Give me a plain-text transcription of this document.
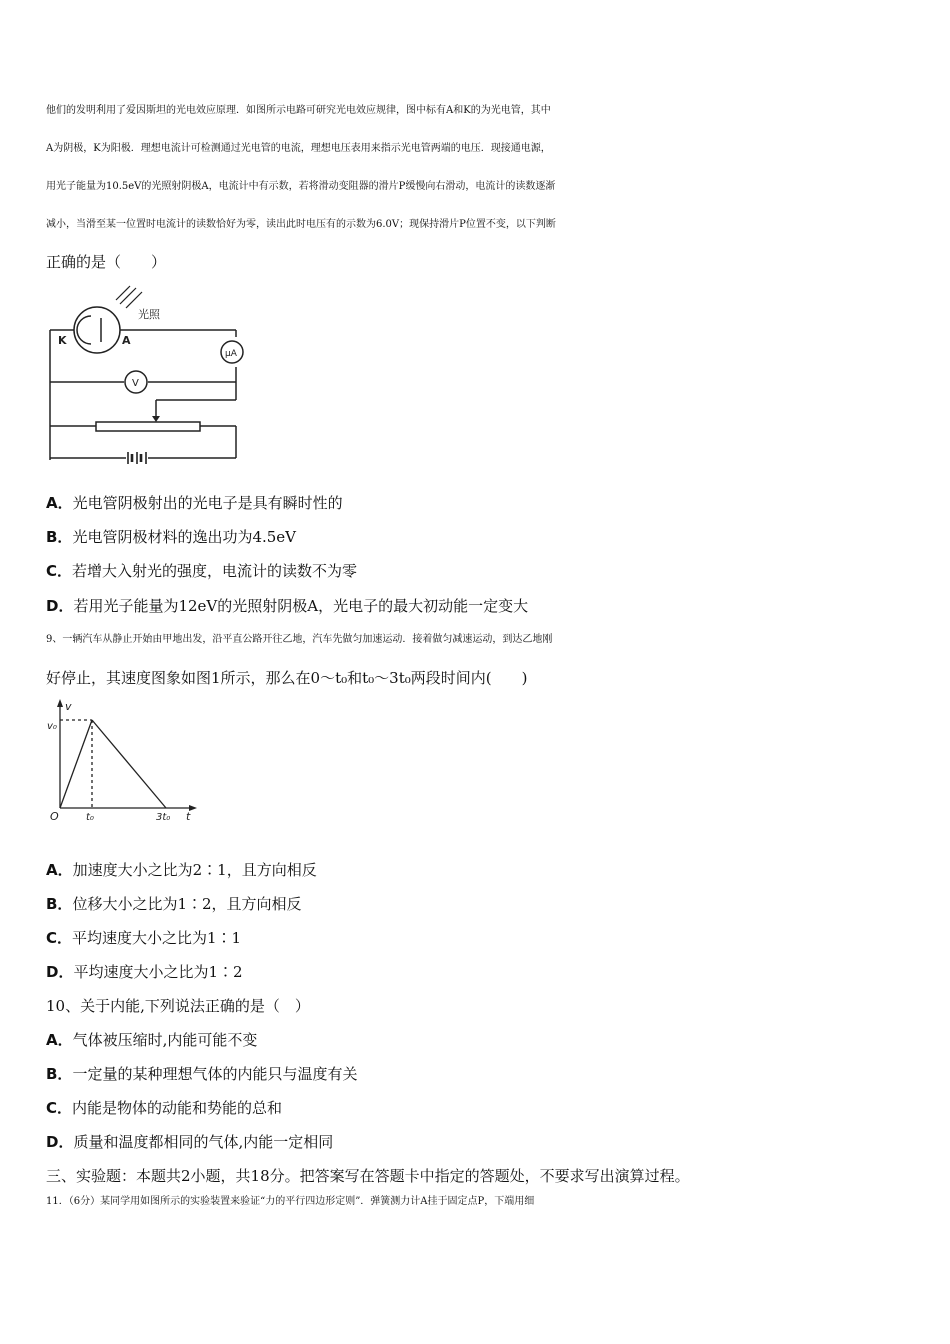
他们的发明利用了爱因斯坦的光电效应原理．如图所示电路可研究光电效应规律，图中标有A和K的为光电管，其中
A为阴极，K为阳极．理想电流计可检测通过光电管的电流，理想电压表用来指示光电管两端的电压．现接通电源，
用光子能量为10.5eV的光照射阴极A，电流计中有示数，若将滑动变阻器的滑片P缓慢向右滑动，电流计的读数逐渐
减小，当滑至某一位置时电流计的读数恰好为零，读出此时电压有的示数为6.0V；现保持滑片P位置不变，以下判断
正确的是（　　）
光照
K	A
μA
V
A．光电管阴极射出的光电子是具有瞬时性的
B．光电管阴极材料的逸出功为4.5eV
C．若增大入射光的强度，电流计的读数不为零
D．若用光子能量为12eV的光照射阴极A，光电子的最大初动能一定变大
9、一辆汽车从静止开始由甲地出发，沿平直公路开往乙地，汽车先做匀加速运动．接着做匀减速运动，到达乙地刚
好停止，其速度图象如图1所示，那么在0～t₀和t₀～3t₀两段时间内(　　)
v
v₀
O	t₀	3t₀ t
A．加速度大小之比为2∶1，且方向相反
B．位移大小之比为1∶2，且方向相反
C．平均速度大小之比为1∶1
D．平均速度大小之比为1∶2
10、关于内能,下列说法正确的是（　）
A．气体被压缩时,内能可能不变
B．一定量的某种理想气体的内能只与温度有关
C．内能是物体的动能和势能的总和
D．质量和温度都相同的气体,内能一定相同
三、实验题：本题共2小题，共18分。把答案写在答题卡中指定的答题处，不要求写出演算过程。
11．（6分）某同学用如图所示的实验装置来验证“力的平行四边形定则”．弹簧测力计A挂于固定点P，下端用细
